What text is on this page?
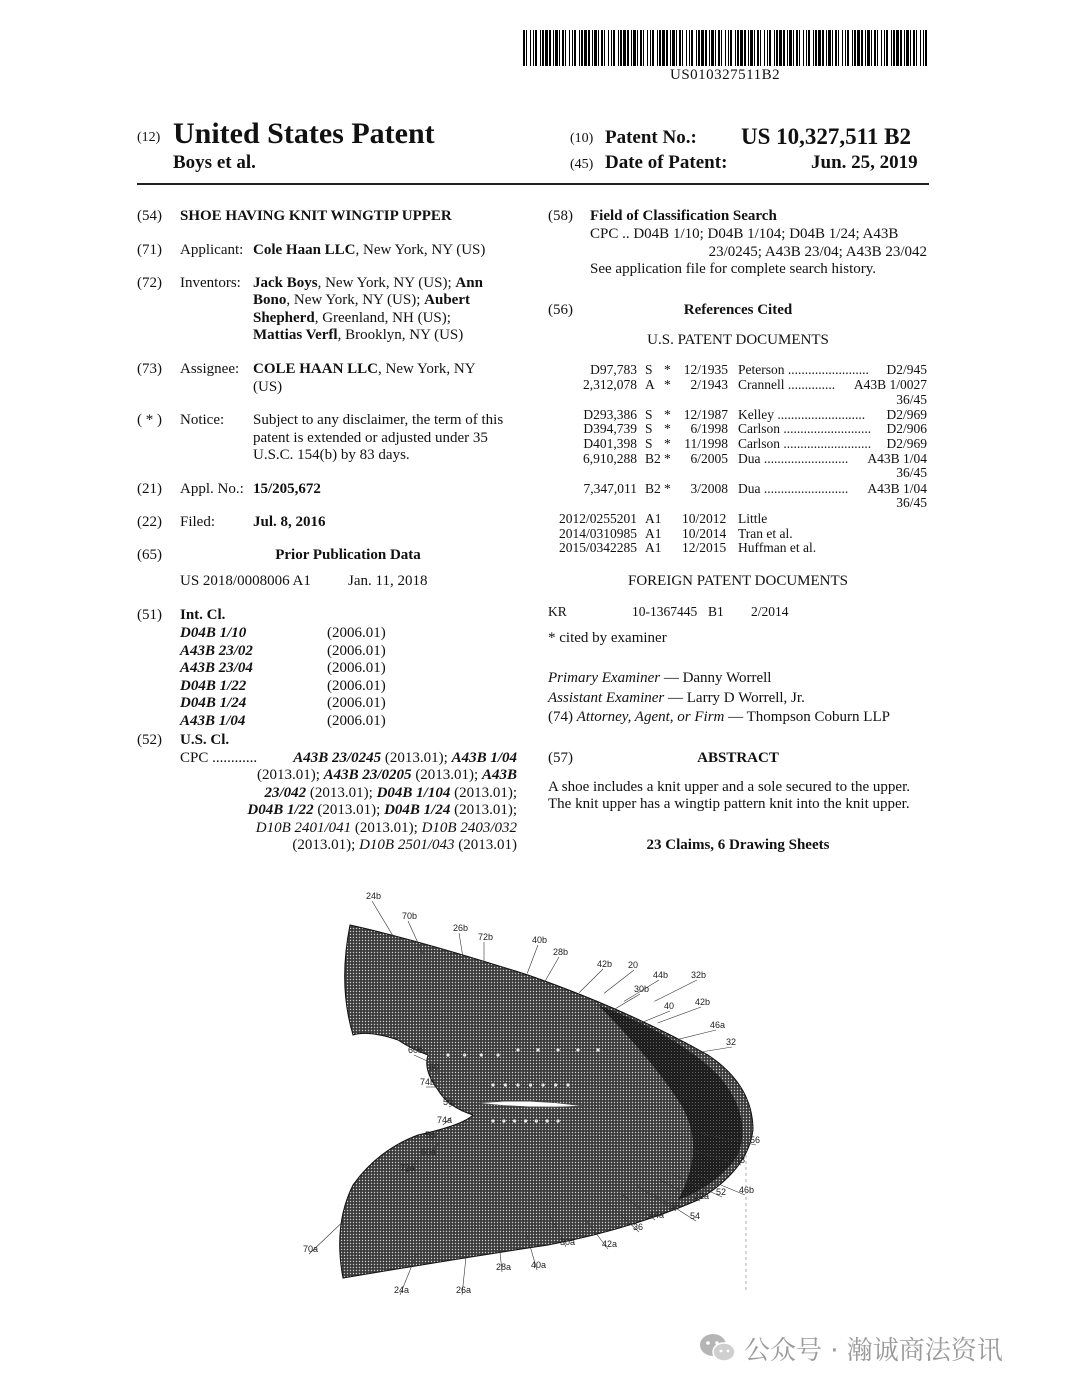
US010327511B2
(12) United States Patent
Boys et al.
(10) Patent No.: US 10,327,511 B2
(45) Date of Patent:	Jun. 25, 2019
(54) SHOE HAVING KNIT WINGTIP UPPER
(71) Applicant: Cole Haan LLC, New York, NY (US)
(72) Inventors: Jack Boys, New York, NY (US); Ann
Bono, New York, NY (US); Aubert
Shepherd, Greenland, NH (US);
Mattias Verfl, Brooklyn, NY (US)
(73) Assignee: COLE HAAN LLC, New York, NY
(US)
( * ) Notice: Subject to any disclaimer, the term of this
patent is extended or adjusted under 35
U.S.C. 154(b) by 83 days.
(21) Appl. No.: 15/205,672
(22) Filed:	Jul. 8, 2016
(65)	Prior Publication Data
US 2018/0008006 A1 Jan. 11, 2018
(51) Int. Cl.
D04B 1/10	(2006.01)
A43B 23/02	(2006.01)
A43B 23/04	(2006.01)
D04B 1/22	(2006.01)
D04B 1/24	(2006.01)
A43B 1/04	(2006.01)
(52) U.S. Cl.
CPC ............ A43B 23/0245 (2013.01); A43B 1/04
(2013.01); A43B 23/0205 (2013.01); A43B
23/042 (2013.01); D04B 1/104 (2013.01);
D04B 1/22 (2013.01); D04B 1/24 (2013.01);
D10B 2401/041 (2013.01); D10B 2403/032
(2013.01); D10B 2501/043 (2013.01)
(58) Field of Classification Search
CPC .. D04B 1/10; D04B 1/104; D04B 1/24; A43B
23/0245; A43B 23/04; A43B 23/042
See application file for complete search history.
(56)	References Cited
U.S. PATENT DOCUMENTS
D97,783 S * 12/1935 Peterson ........................ D2/945
2,312,078 A * 2/1943 Crannell .............. A43B 1/0027
36/45
D293,386 S * 12/1987 Kelley .......................... D2/969
D394,739 S * 6/1998 Carlson .......................... D2/906
D401,398 S * 11/1998 Carlson .......................... D2/969
6,910,288 B2 * 6/2005 Dua ......................... A43B 1/04
36/45
7,347,011 B2 * 3/2008 Dua ......................... A43B 1/04
36/45
2012/0255201 A1 10/2012 Little
2014/0310985 A1 10/2014 Tran et al.
2015/0342285 A1 12/2015 Huffman et al.
FOREIGN PATENT DOCUMENTS
KR	10-1367445 B1 2/2014
* cited by examiner
Primary Examiner — Danny Worrell
Assistant Examiner — Larry D Worrell, Jr.
(74) Attorney, Agent, or Firm — Thompson Coburn LLP
(57)	ABSTRACT
A shoe includes a knit upper and a sole secured to the upper.
The knit upper has a wingtip pattern knit into the knit upper.
23 Claims, 6 Drawing Sheets
24b
70b
26b
72b	40b
28b
42b 20
44b	32b
30b
40 42b
46a
32
60b
60
74b
50
74a
58
60a
72a
56
48
46b
52
32a
38
54
44a
36
30a	42a
40a
28a
70a
24a	26a
公众号 · 瀚诚商法资讯
